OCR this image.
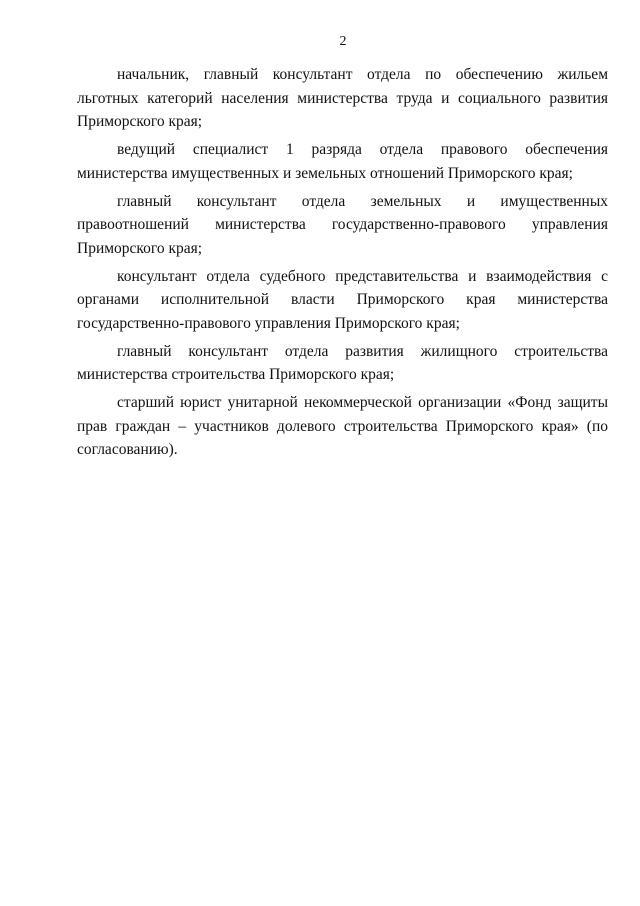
2

начальник, главный консультант отдела по обеспечению жильем льготных категорий населения министерства труда и социального развития Приморского края;

ведущий специалист 1 разряда отдела правового обеспечения министерства имущественных и земельных отношений Приморского края;

главный консультант отдела земельных и имущественных правоотношений министерства государственно-правового управления Приморского края;

консультант отдела судебного представительства и взаимодействия с органами исполнительной власти Приморского края министерства государственно-правового управления Приморского края;

главный консультант отдела развития жилищного строительства министерства строительства Приморского края;

старший юрист унитарной некоммерческой организации «Фонд защиты прав граждан – участников долевого строительства Приморского края» (по согласованию).
